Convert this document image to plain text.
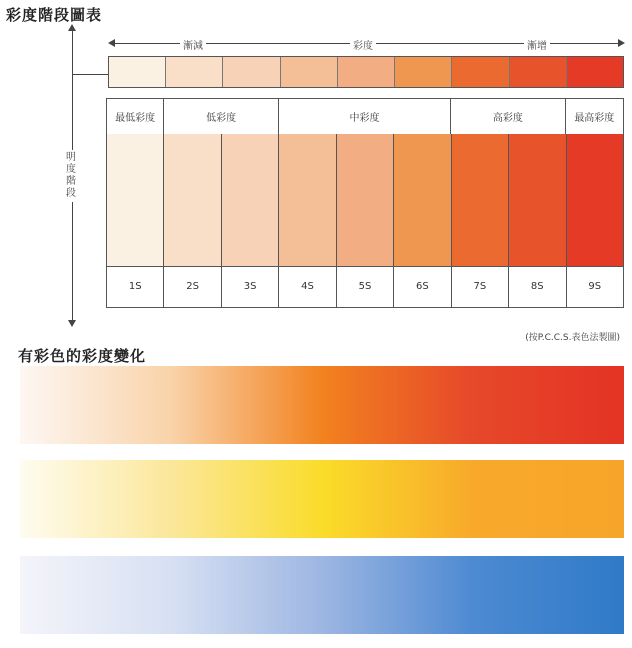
彩度階段圖表
明度階段
漸減	彩度	漸增
最低彩度	低彩度	中彩度	高彩度	最高彩度
1S	2S	3S	4S	5S	6S	7S	8S	9S
(按P.C.C.S.表色法製圖)
有彩色的彩度變化
